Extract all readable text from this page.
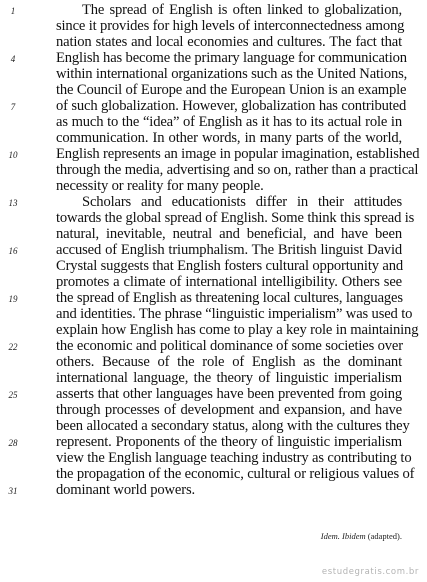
The spread of English is often linked to globalization,
since it provides for high levels of interconnectedness among
nation states and local economies and cultures. The fact that
English has become the primary language for communication
within international organizations such as the United Nations,
the Council of Europe and the European Union is an example
of such globalization. However, globalization has contributed
as much to the “idea” of English as it has to its actual role in
communication. In other words, in many parts of the world,
English represents an image in popular imagination, established
through the media, advertising and so on, rather than a practical
necessity or reality for many people.
Scholars and educationists differ in their attitudes
towards the global spread of English. Some think this spread is
natural, inevitable, neutral and beneficial, and have been
accused of English triumphalism. The British linguist David
Crystal suggests that English fosters cultural opportunity and
promotes a climate of international intelligibility. Others see
the spread of English as threatening local cultures, languages
and identities. The phrase “linguistic imperialism” was used to
explain how English has come to play a key role in maintaining
the economic and political dominance of some societies over
others. Because of the role of English as the dominant
international language, the theory of linguistic imperialism
asserts that other languages have been prevented from going
through processes of development and expansion, and have
been allocated a secondary status, along with the cultures they
represent. Proponents of the theory of linguistic imperialism
view the English language teaching industry as contributing to
the propagation of the economic, cultural or religious values of
dominant world powers.
1
4
7
10
13
16
19
22
25
28
31
Idem. Ibidem (adapted).
estudegratis.com.br
